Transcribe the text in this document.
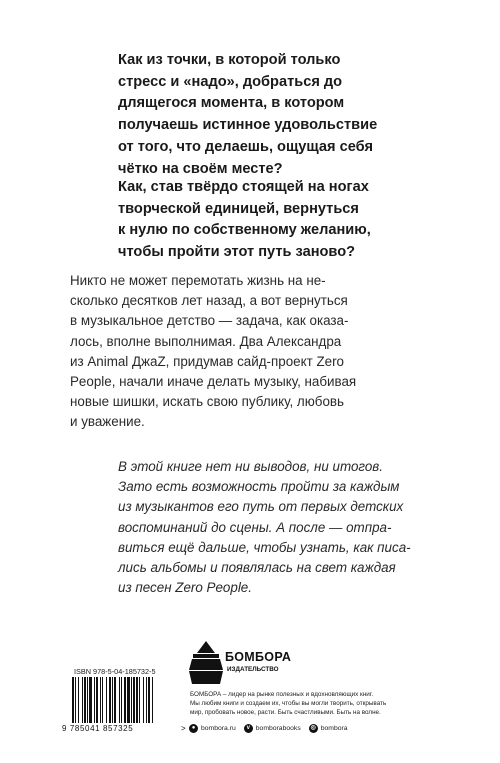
Как из точки, в которой только
стресс и «надо», добраться до
длящегося момента, в котором
получаешь истинное удовольствие
от того, что делаешь, ощущая себя
чётко на своём месте?
Как, став твёрдо стоящей на ногах
творческой единицей, вернуться
к нулю по собственному желанию,
чтобы пройти этот путь заново?
Никто не может перемотать жизнь на не-
сколько десятков лет назад, а вот вернуться
в музыкальное детство — задача, как оказа-
лось, вполне выполнимая. Два Александра
из Animal ДжаZ, придумав сайд-проект Zero
People, начали иначе делать музыку, набивая
новые шишки, искать свою публику, любовь
и уважение.
В этой книге нет ни выводов, ни итогов.
Зато есть возможность пройти за каждым
из музыкантов его путь от первых детских
воспоминаний до сцены. А после — отпра-
виться ещё дальше, чтобы узнать, как писа-
лись альбомы и появлялась на свет каждая
из песен Zero People.
ISBN 978-5-04-185732-5
9 785041 857325	>
БОМБОРА
ИЗДАТЕЛЬСТВО
БОМБОРА – лидер на рынке полезных и вдохновляющих книг.
Мы любим книги и создаем их, чтобы вы могли творить, открывать
мир, пробовать новое, расти. Быть счастливыми. Быть на волне.
● bombora.ru	v bomborabooks	◎ bombora
